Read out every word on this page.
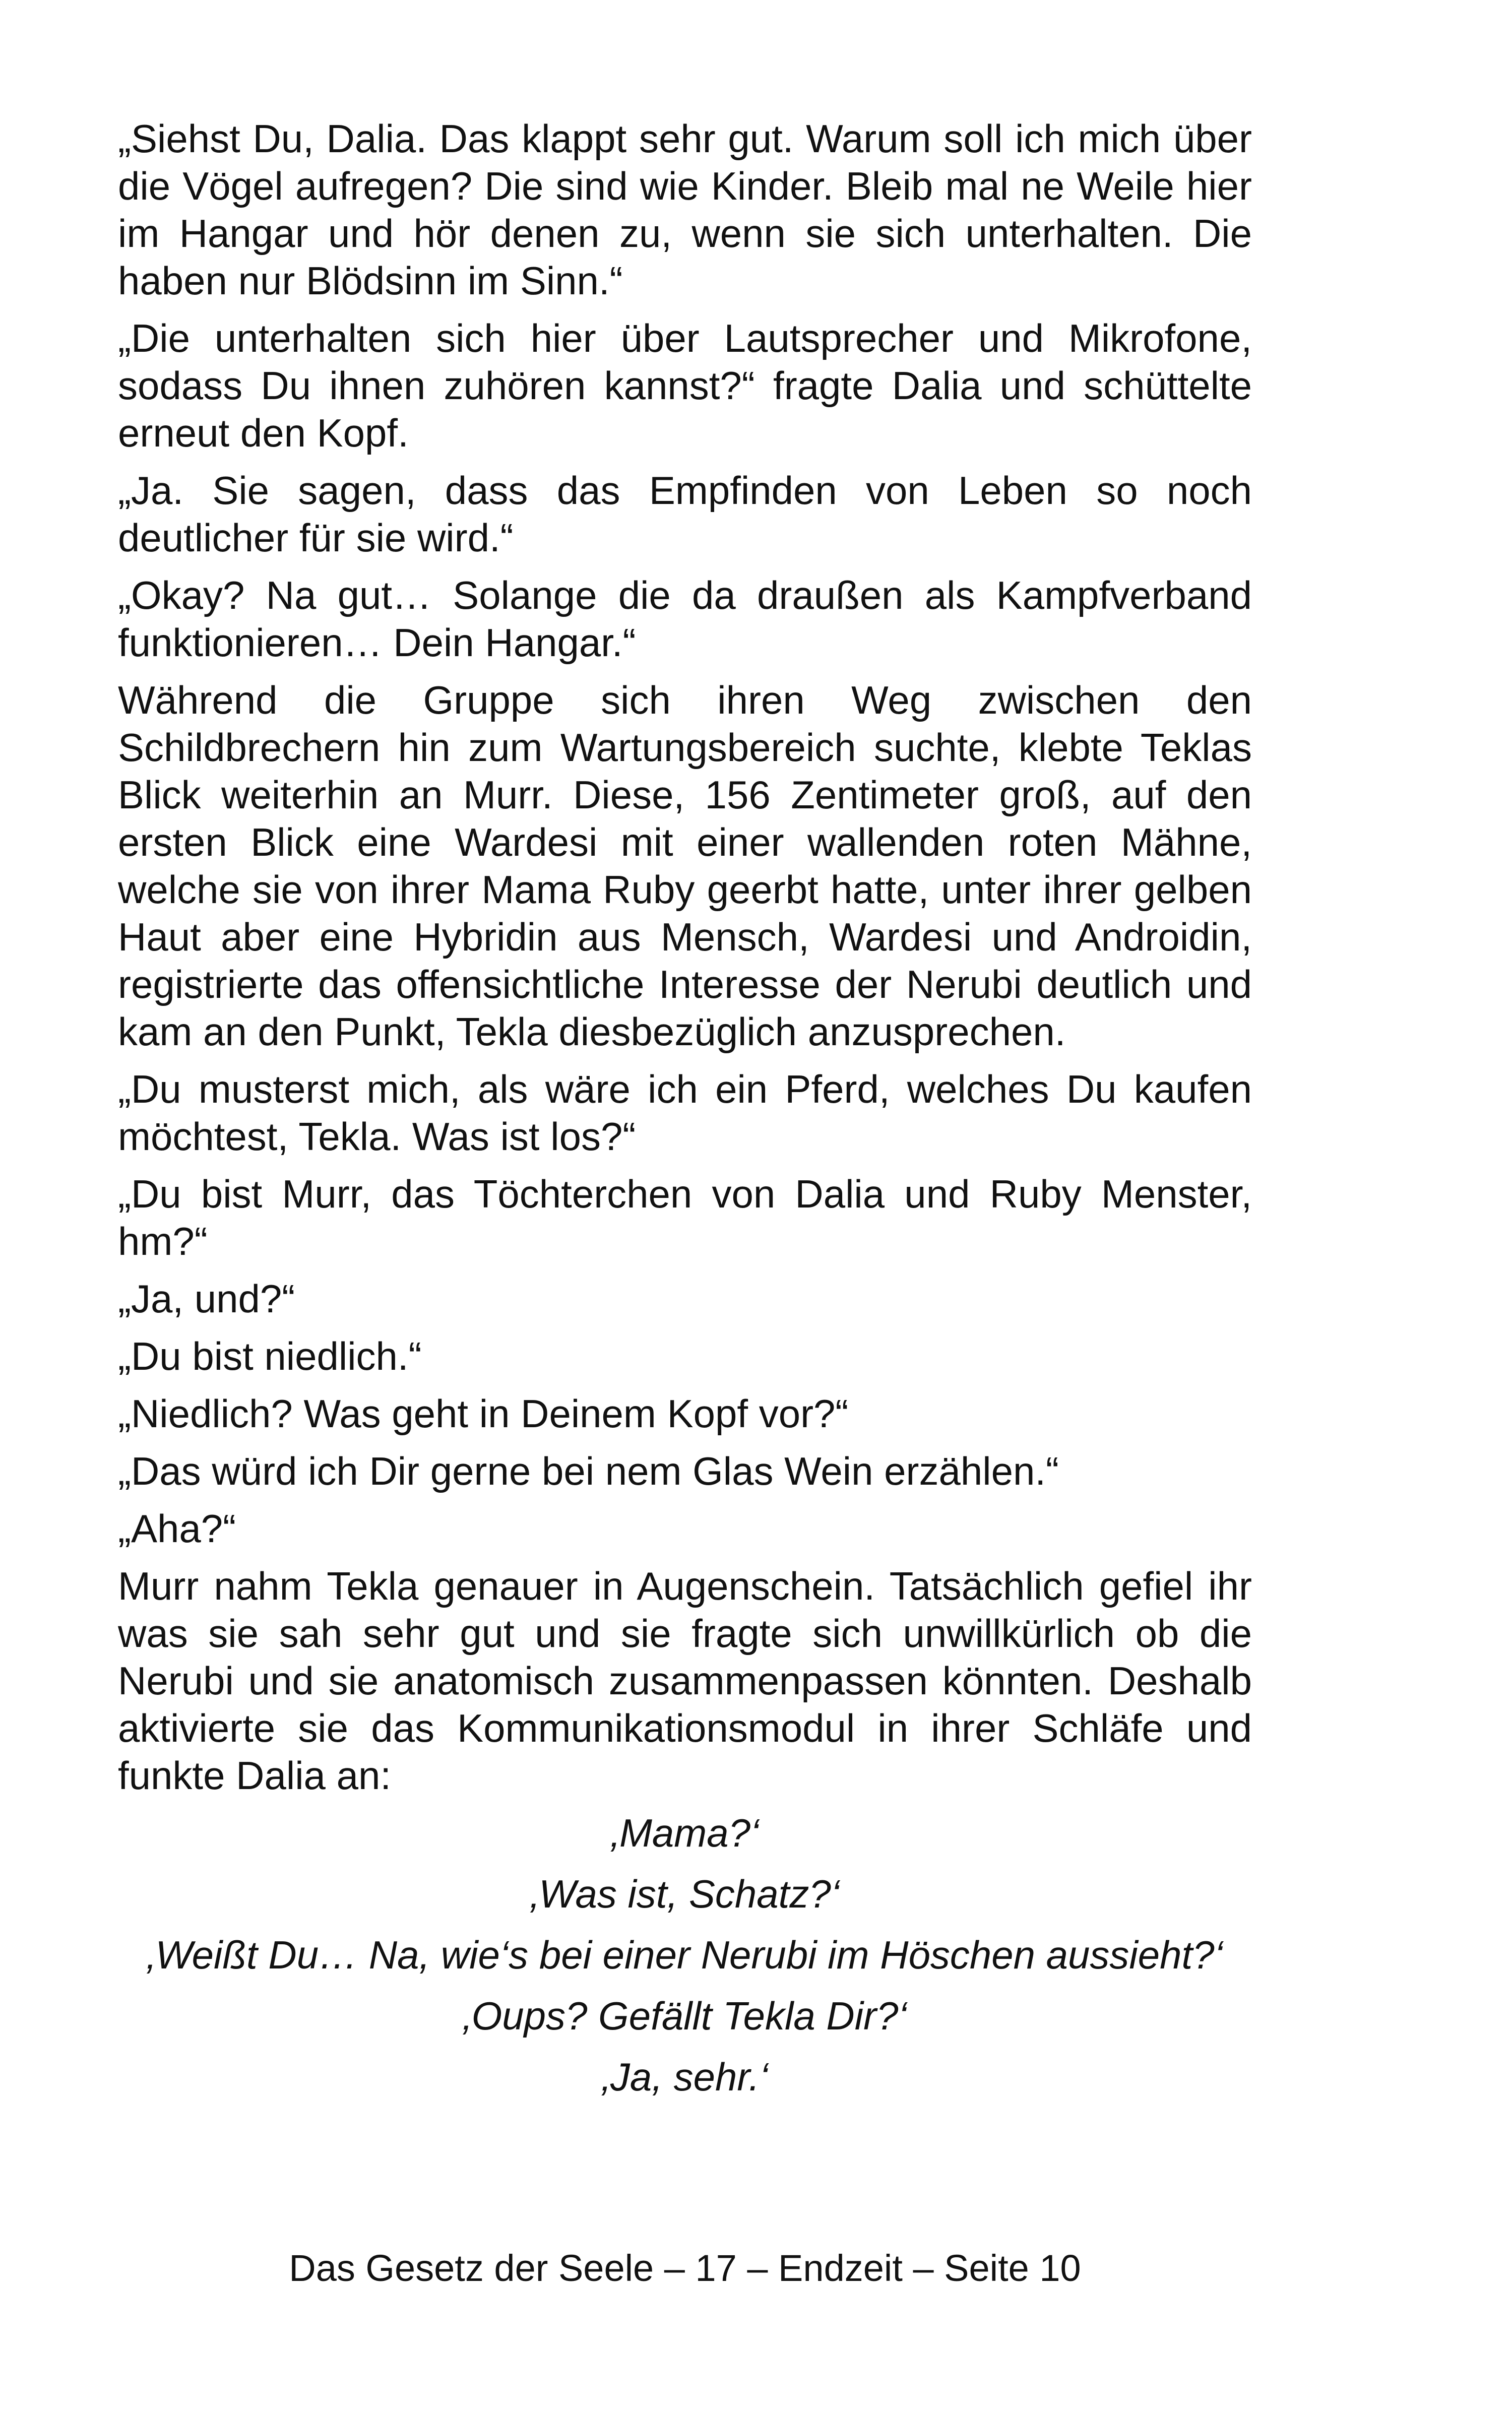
„Siehst Du, Dalia. Das klappt sehr gut. Warum soll ich mich über die Vögel aufregen? Die sind wie Kinder. Bleib mal ne Weile hier im Hangar und hör denen zu, wenn sie sich unterhalten. Die haben nur Blödsinn im Sinn.“

„Die unterhalten sich hier über Lautsprecher und Mikrofone, sodass Du ihnen zuhören kannst?“ fragte Dalia und schüttelte erneut den Kopf.

„Ja. Sie sagen, dass das Empfinden von Leben so noch deutlicher für sie wird.“

„Okay? Na gut… Solange die da draußen als Kampfverband funktionieren… Dein Hangar.“

Während die Gruppe sich ihren Weg zwischen den Schildbrechern hin zum Wartungsbereich suchte, klebte Teklas Blick weiterhin an Murr. Diese, 156 Zentimeter groß, auf den ersten Blick eine Wardesi mit einer wallenden roten Mähne, welche sie von ihrer Mama Ruby geerbt hatte, unter ihrer gelben Haut aber eine Hybridin aus Mensch, Wardesi und Androidin, registrierte das offensichtliche Interesse der Nerubi deutlich und kam an den Punkt, Tekla diesbezüglich anzusprechen.

„Du musterst mich, als wäre ich ein Pferd, welches Du kaufen möchtest, Tekla. Was ist los?“

„Du bist Murr, das Töchterchen von Dalia und Ruby Menster, hm?“

„Ja, und?“

„Du bist niedlich.“

„Niedlich? Was geht in Deinem Kopf vor?“

„Das würd ich Dir gerne bei nem Glas Wein erzählen.“

„Aha?“

Murr nahm Tekla genauer in Augenschein. Tatsächlich gefiel ihr was sie sah sehr gut und sie fragte sich unwillkürlich ob die Nerubi und sie anatomisch zusammenpassen könnten. Deshalb aktivierte sie das Kommunikationsmodul in ihrer Schläfe und funkte Dalia an:

‚Mama?‘

‚Was ist, Schatz?‘

‚Weißt Du… Na, wie‘s bei einer Nerubi im Höschen aussieht?‘

‚Oups? Gefällt Tekla Dir?‘

‚Ja, sehr.‘

Das Gesetz der Seele – 17 – Endzeit – Seite 10
